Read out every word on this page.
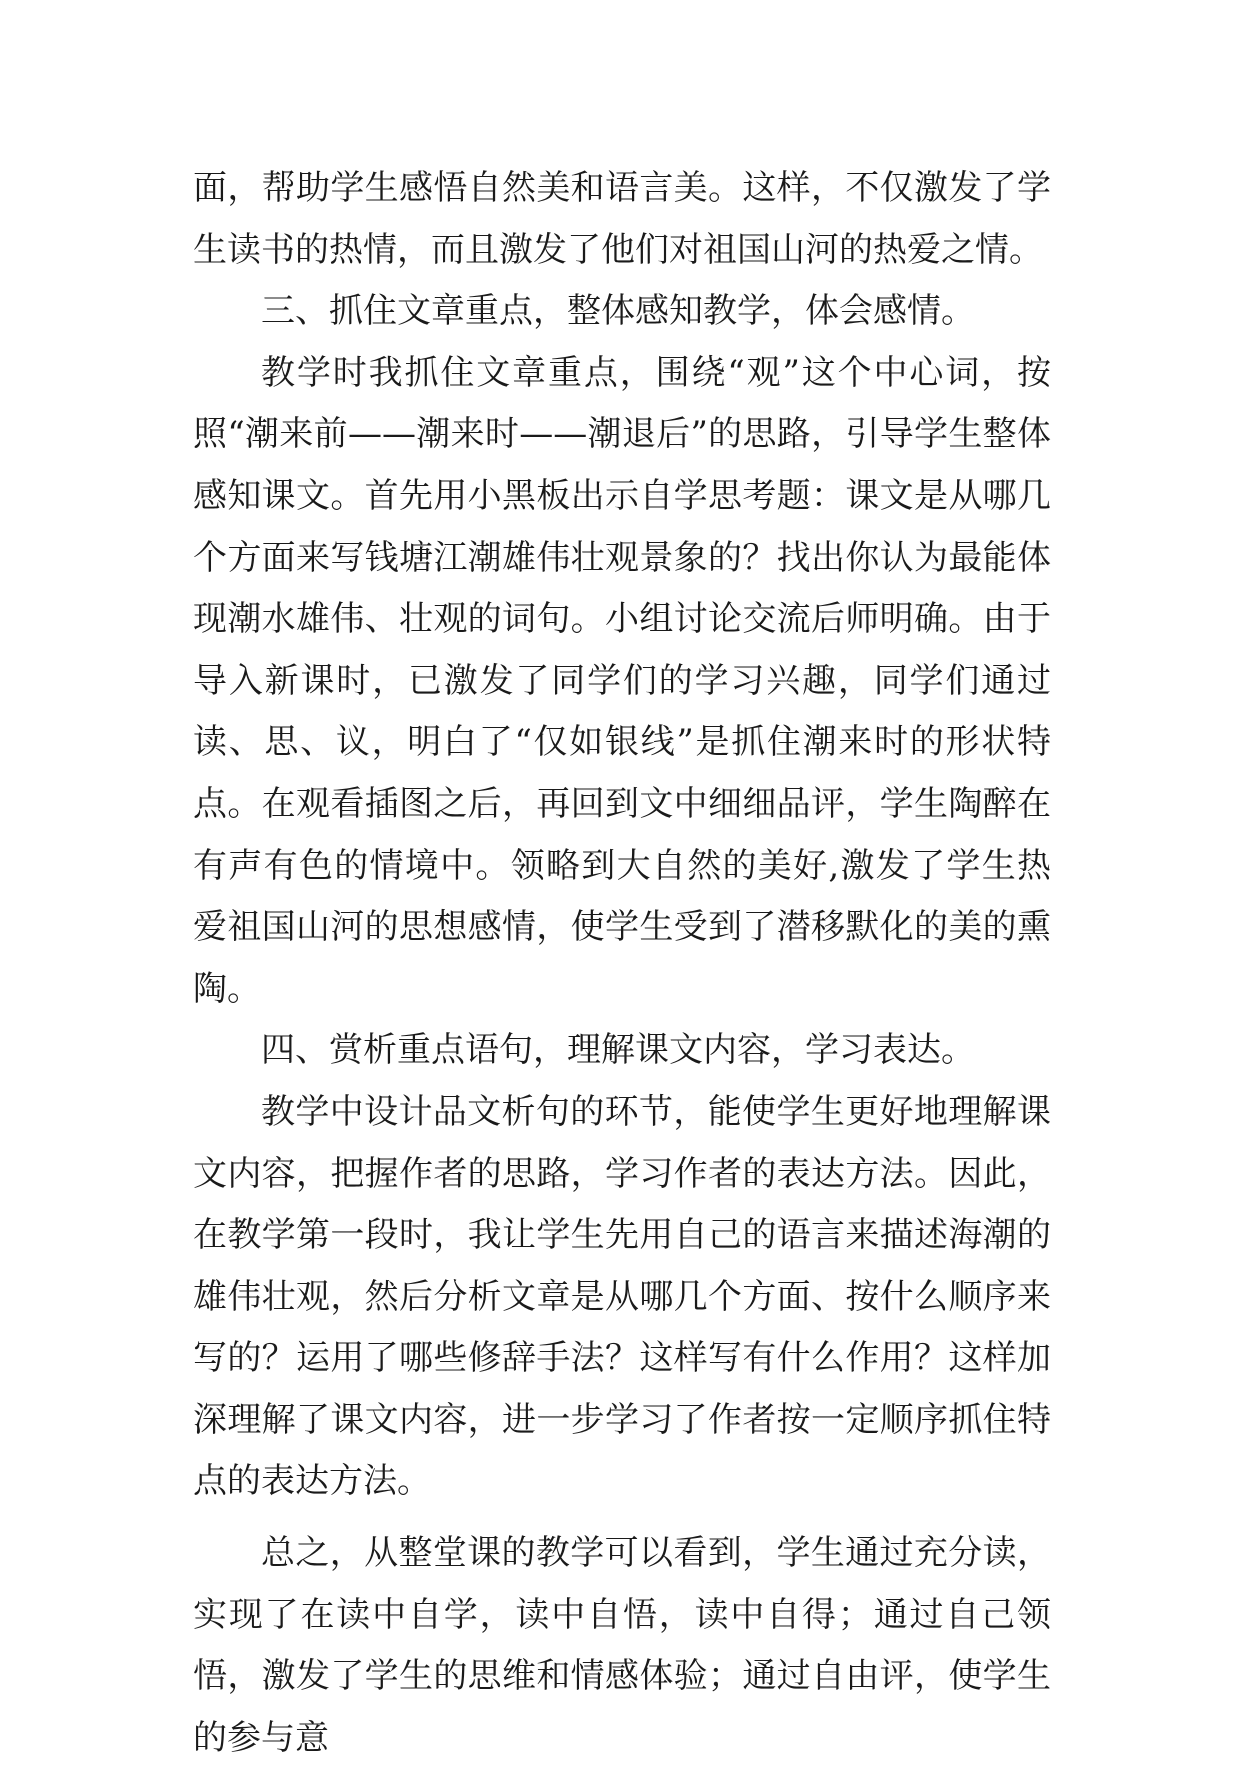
面，帮助学生感悟自然美和语言美。这样，不仅激发了学生读书的热情，而且激发了他们对祖国山河的热爱之情。

三、抓住文章重点，整体感知教学，体会感情。

教学时我抓住文章重点，围绕“观”这个中心词，按照“潮来前——潮来时——潮退后”的思路，引导学生整体感知课文。首先用小黑板出示自学思考题：课文是从哪几个方面来写钱塘江潮雄伟壮观景象的？找出你认为最能体现潮水雄伟、壮观的词句。小组讨论交流后师明确。由于导入新课时，已激发了同学们的学习兴趣，同学们通过读、思、议，明白了“仅如银线”是抓住潮来时的形状特点。在观看插图之后，再回到文中细细品评，学生陶醉在有声有色的情境中。领略到大自然的美好,激发了学生热爱祖国山河的思想感情，使学生受到了潜移默化的美的熏陶。

四、赏析重点语句，理解课文内容，学习表达。

教学中设计品文析句的环节，能使学生更好地理解课文内容，把握作者的思路，学习作者的表达方法。因此，在教学第一段时，我让学生先用自己的语言来描述海潮的雄伟壮观，然后分析文章是从哪几个方面、按什么顺序来写的？运用了哪些修辞手法？这样写有什么作用？这样加深理解了课文内容，进一步学习了作者按一定顺序抓住特点的表达方法。

总之，从整堂课的教学可以看到，学生通过充分读，实现了在读中自学，读中自悟，读中自得；通过自己领悟，激发了学生的思维和情感体验；通过自由评，使学生的参与意
